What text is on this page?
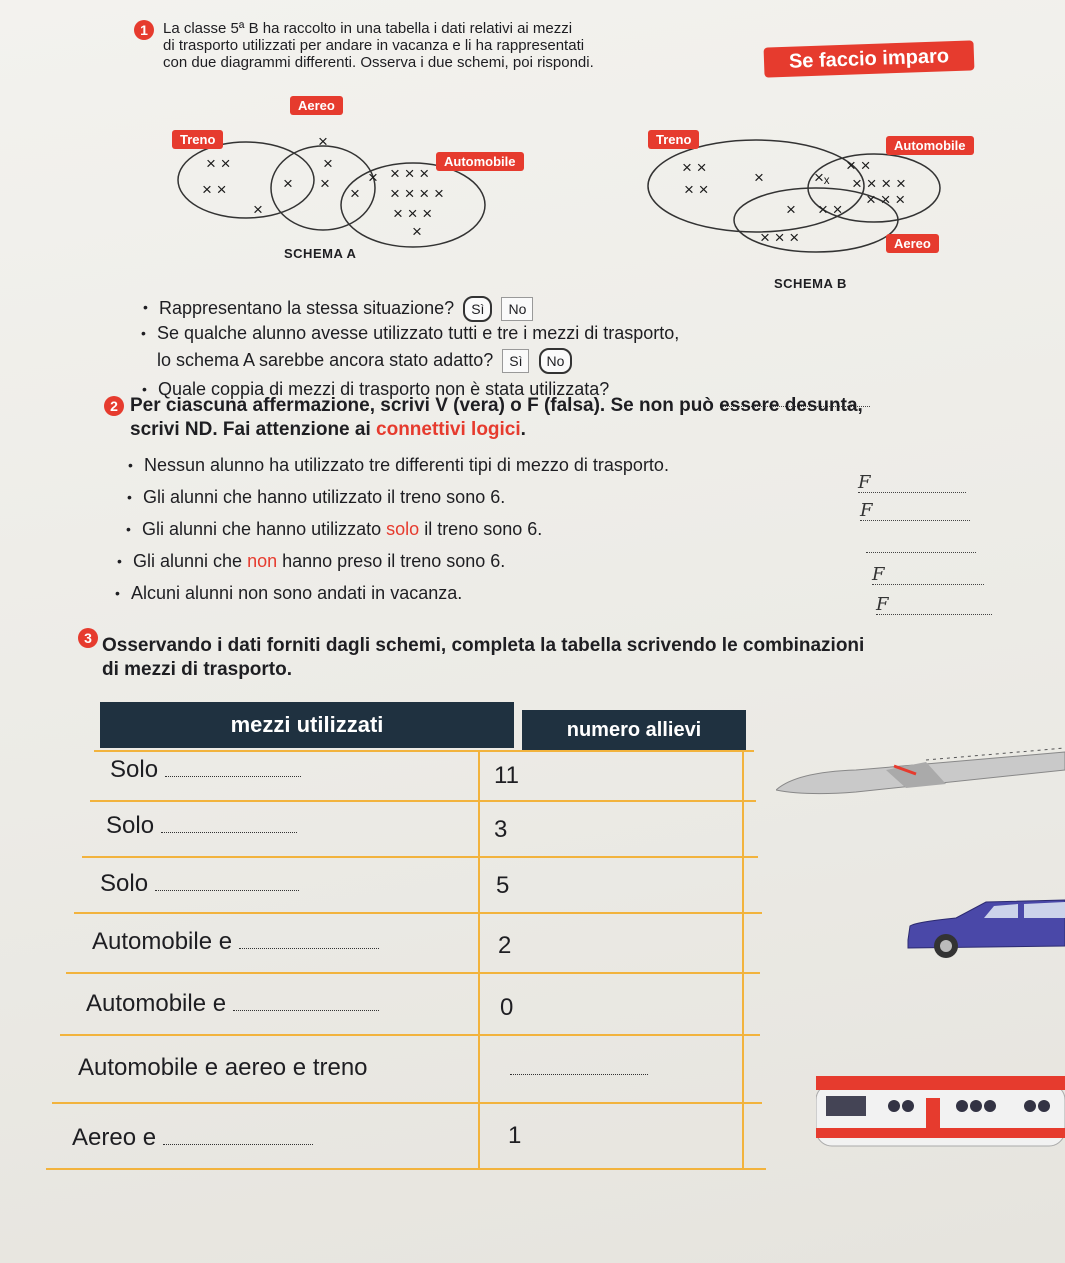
1	La classe 5ª B ha raccolto in una tabella i dati relativi ai mezzi
di trasporto utilizzati per andare in vacanza e li ha rappresentati
con due diagrammi differenti. Osserva i due schemi, poi rispondi.	Se faccio imparo
Aereo
Treno
Automobile
× ×
× ×
×
×
×
×
×
×
× × × ×
× × × ×
× × ×
×
SCHEMA A
Treno	Automobile
Aereo
× ×
× ×
×	×ₓ
× ×
× × × ×
× × ×
× × ×
× × ×
SCHEMA B
• Rappresentano la stessa situazione? Sì No
• Se qualche alunno avesse utilizzato tutti e tre i mezzi di trasporto,
lo schema A sarebbe ancora stato adatto? Sì No
• Quale coppia di mezzi di trasporto non è stata utilizzata?
2 Per ciascuna affermazione, scrivi V (vera) o F (falsa). Se non può essere desunta,
scrivi ND. Fai attenzione ai connettivi logici.
• Nessun alunno ha utilizzato tre differenti tipi di mezzo di trasporto.
F
• Gli alunni che hanno utilizzato il treno sono 6.
F
• Gli alunni che hanno utilizzato solo il treno sono 6.
• Gli alunni che non hanno preso il treno sono 6.
F
• Alcuni alunni non sono andati in vacanza.
F
3 Osservando i dati forniti dagli schemi, completa la tabella scrivendo le combinazioni
di mezzi di trasporto.
mezzi utilizzati	numero allievi
Solo	11
Solo	3
Solo	5
Automobile e	2
Automobile e	0
Automobile e aereo e treno
Aereo e	1
